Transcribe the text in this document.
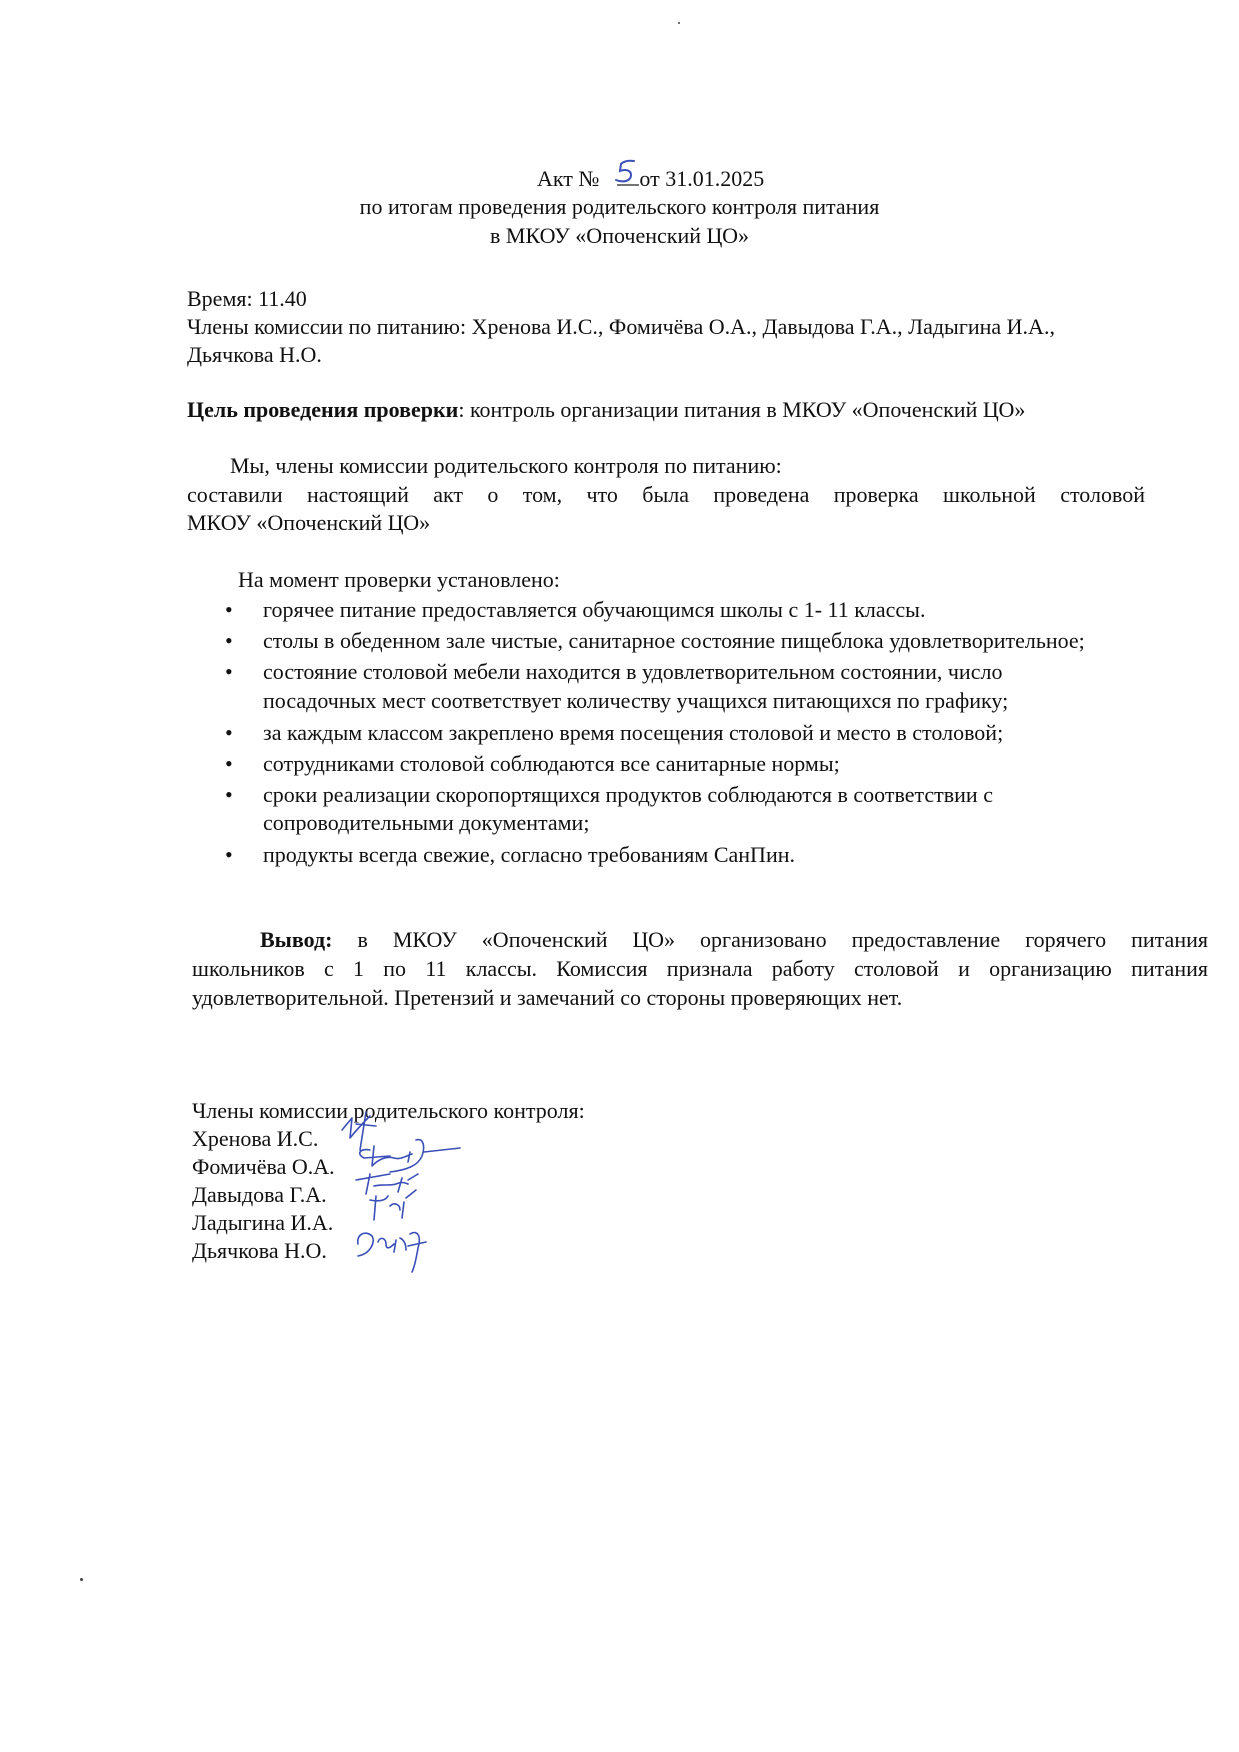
Акт № от 31.01.2025
5
по итогам проведения родительского контроля питания
в МКОУ «Опоченский ЦО»
Время: 11.40
Члены комиссии по питанию: Хренова И.С., Фомичёва О.А., Давыдова Г.А., Ладыгина И.А.,
Дьячкова Н.О.
Цель проведения проверки: контроль организации питания в МКОУ «Опоченский ЦО»
Мы, члены комиссии родительского контроля по питанию:
составили настоящий акт о том, что была проведена проверка школьной столовой
МКОУ «Опоченский ЦО»
На момент проверки установлено:
•	горячее питание предоставляется обучающимся школы с 1- 11 классы.
•	столы в обеденном зале чистые, санитарное состояние пищеблока удовлетворительное;
•	состояние столовой мебели находится в удовлетворительном состоянии, число
посадочных мест соответствует количеству учащихся питающихся по графику;
•	за каждым классом закреплено время посещения столовой и место в столовой;
•	сотрудниками столовой соблюдаются все санитарные нормы;
•	сроки реализации скоропортящихся продуктов соблюдаются в соответствии с
сопроводительными документами;
•	продукты всегда свежие, согласно требованиям СанПин.
Вывод: в МКОУ «Опоченский ЦО» организовано предоставление горячего питания
школьников с 1 по 11 классы. Комиссия признала работу столовой и организацию питания
удовлетворительной. Претензий и замечаний со стороны проверяющих нет.
Члены комиссии родительского контроля:
Хренова И.С.
Фомичёва О.А.
Давыдова Г.А.
Ладыгина И.А.
Дьячкова Н.О.
